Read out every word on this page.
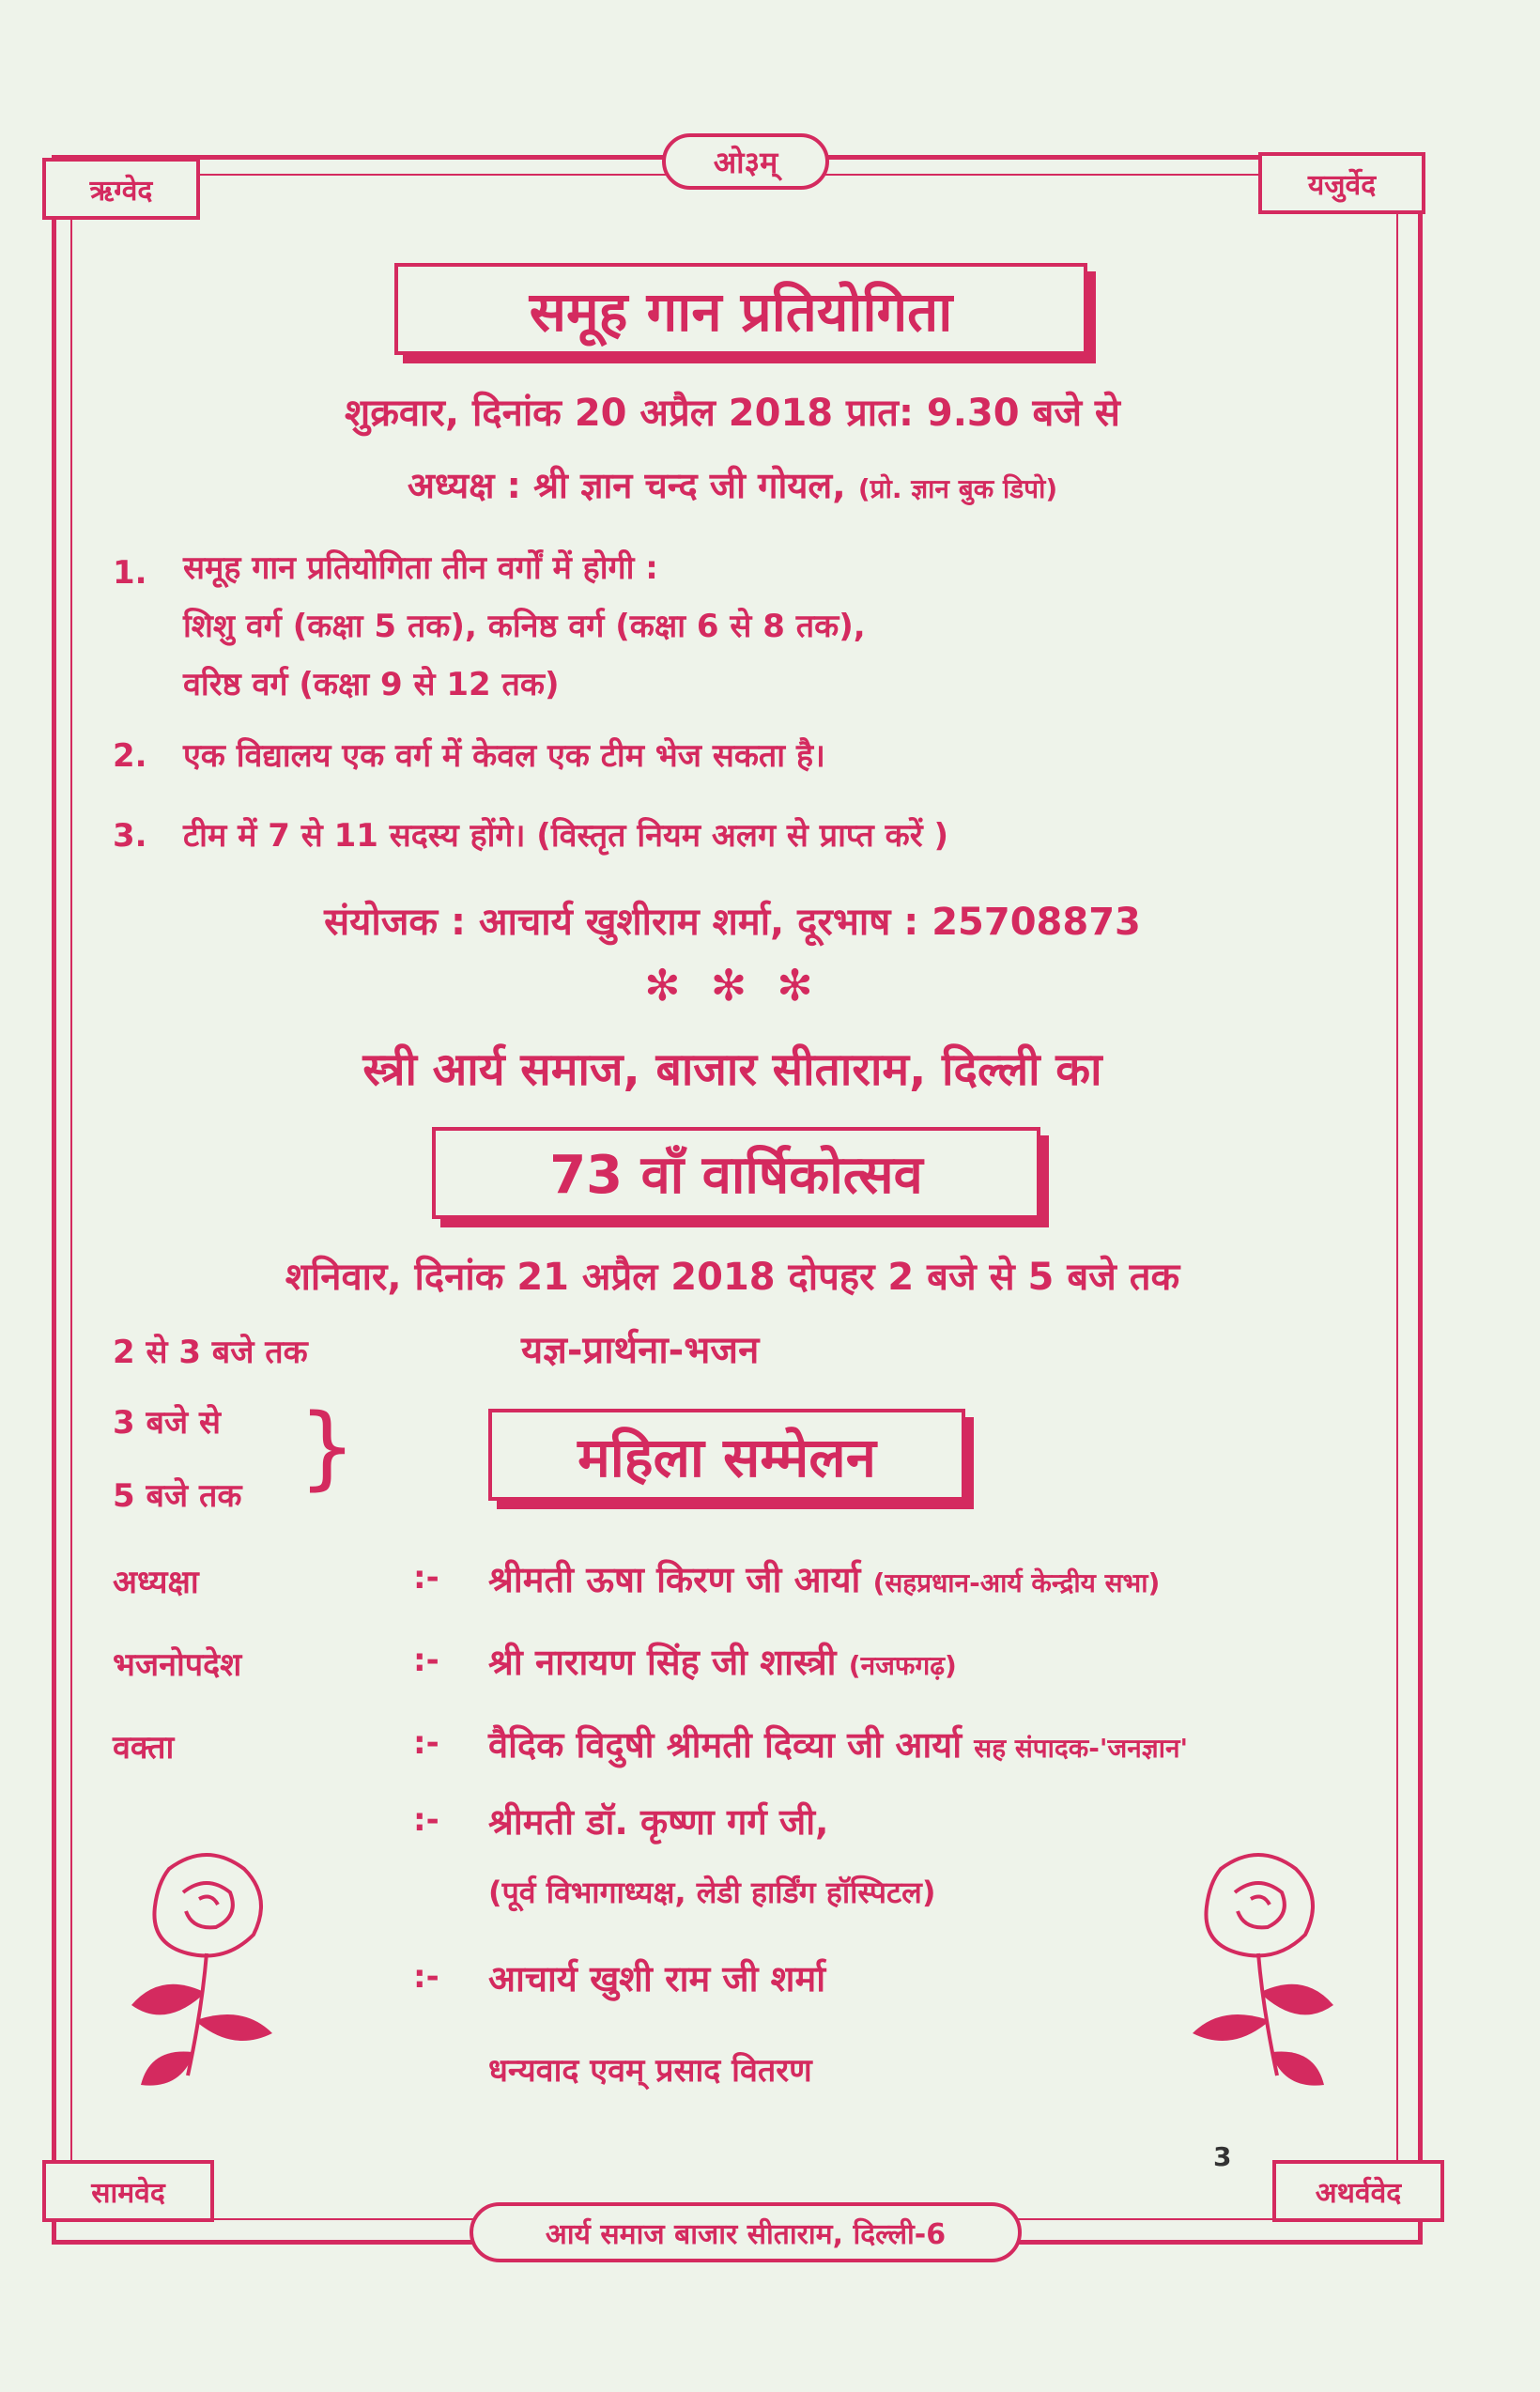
ऋग्वेद	यजुर्वेद
सामवेद	अथर्ववेद
ओ३म्
समूह गान प्रतियोगिता
शुक्रवार, दिनांक 20 अप्रैल 2018 प्रात: 9.30 बजे से
अध्यक्ष : श्री ज्ञान चन्द जी गोयल, (प्रो. ज्ञान बुक डिपो)
1. समूह गान प्रतियोगिता तीन वर्गों में होगी :
शिशु वर्ग (कक्षा 5 तक), कनिष्ठ वर्ग (कक्षा 6 से 8 तक),
वरिष्ठ वर्ग (कक्षा 9 से 12 तक)
2. एक विद्यालय एक वर्ग में केवल एक टीम भेज सकता है।
3. टीम में 7 से 11 सदस्य होंगे। (विस्तृत नियम अलग से प्राप्त करें )
संयोजक : आचार्य खुशीराम शर्मा, दूरभाष : 25708873
✻ ✻ ✻
स्त्री आर्य समाज, बाजार सीताराम, दिल्ली का
73 वाँ वार्षिकोत्सव
शनिवार, दिनांक 21 अप्रैल 2018 दोपहर 2 बजे से 5 बजे तक
2 से 3 बजे तक	यज्ञ-प्रार्थना-भजन
3 बजे से
5 बजे तक }	महिला सम्मेलन
अध्यक्षा	:- श्रीमती ऊषा किरण जी आर्या (सहप्रधान-आर्य केन्द्रीय सभा)
भजनोपदेश	:- श्री नारायण सिंह जी शास्त्री (नजफगढ़)
वक्ता	:- वैदिक विदुषी श्रीमती दिव्या जी आर्या सह संपादक-'जनज्ञान'
:- श्रीमती डॉ. कृष्णा गर्ग जी,
(पूर्व विभागाध्यक्ष, लेडी हार्डिंग हॉस्पिटल)
:- आचार्य खुशी राम जी शर्मा
धन्यवाद एवम् प्रसाद वितरण
3
आर्य समाज बाजार सीताराम, दिल्ली-6
